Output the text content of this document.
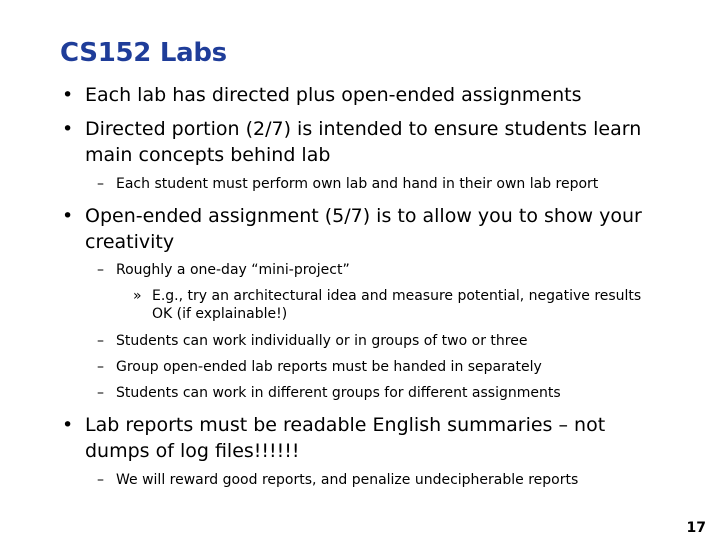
CS152 Labs
• Each lab has directed plus open-ended assignments
• Directed portion (2/7) is intended to ensure students learn
main concepts behind lab
– Each student must perform own lab and hand in their own lab report
• Open-ended assignment (5/7) is to allow you to show your
creativity
– Roughly a one-day “mini-project”
» E.g., try an architectural idea and measure potential, negative results
OK (if explainable!)
– Students can work individually or in groups of two or three
– Group open-ended lab reports must be handed in separately
– Students can work in different groups for different assignments
• Lab reports must be readable English summaries – not
dumps of log files!!!!!!
– We will reward good reports, and penalize undecipherable reports
17
